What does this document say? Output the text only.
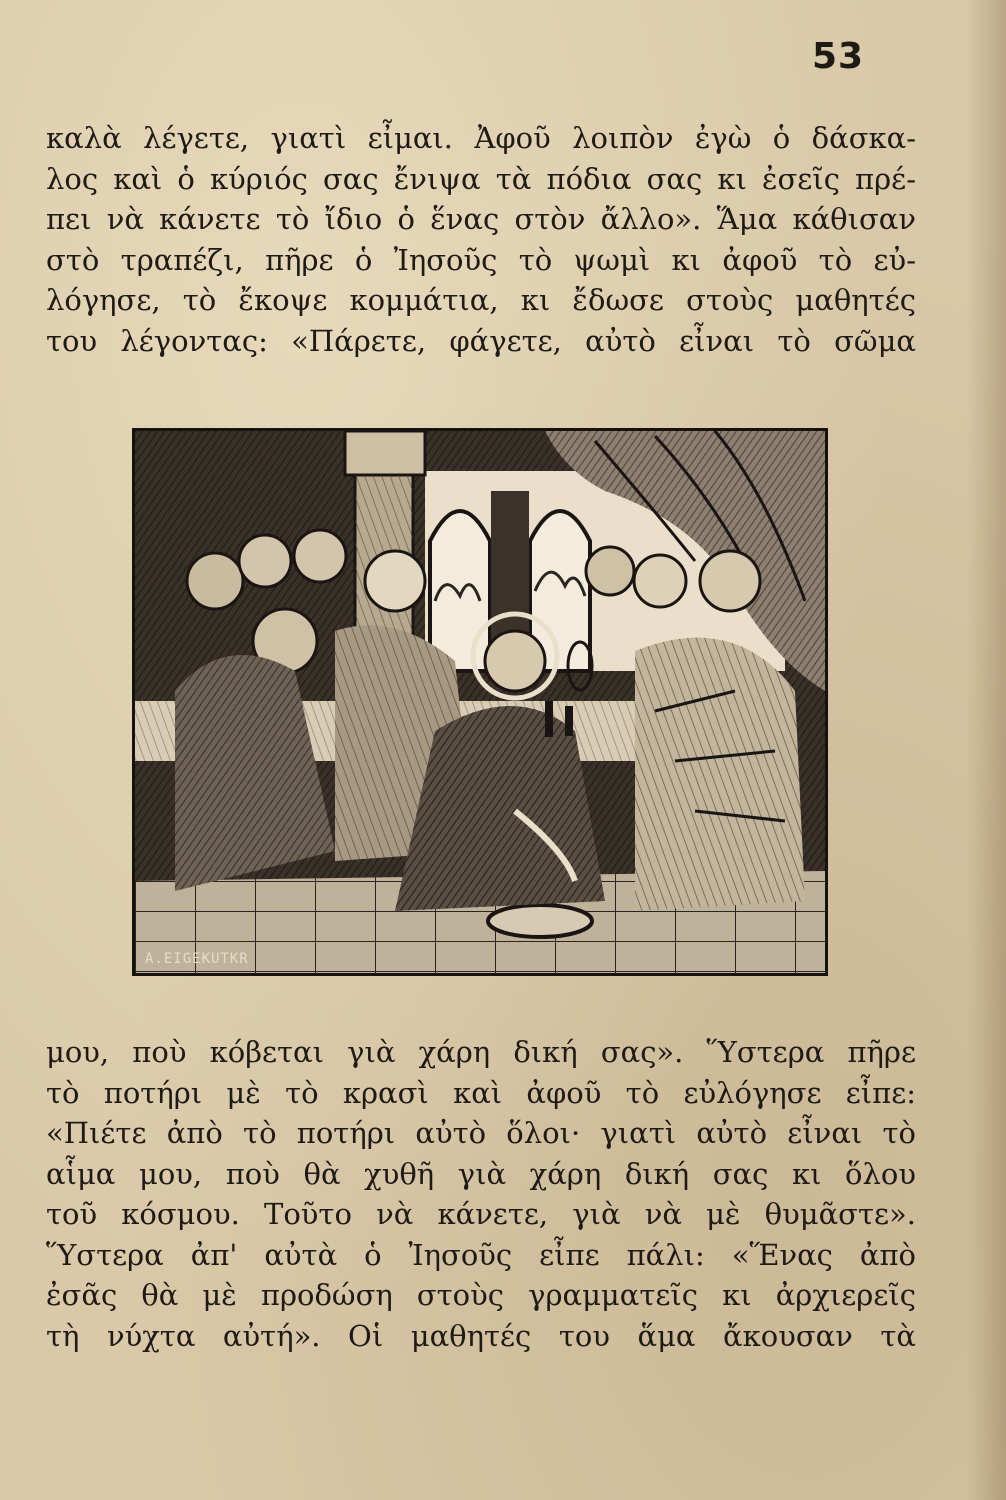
53
καλὰ λέγετε, γιατὶ εἶμαι. Ἀφοῦ λοιπὸν ἐγὼ ὁ δάσκα-
λος καὶ ὁ κύριός σας ἔνιψα τὰ πόδια σας κι ἐσεῖς πρέ-
πει νὰ κάνετε τὸ ἴδιο ὁ ἕνας στὸν ἄλλο». Ἅμα κάθισαν
στὸ τραπέζι, πῆρε ὁ Ἰησοῦς τὸ ψωμὶ κι ἀφοῦ τὸ εὐ-
λόγησε, τὸ ἔκοψε κομμάτια, κι ἔδωσε στοὺς μαθητές
του λέγοντας: «Πάρετε, φάγετε, αὐτὸ εἶναι τὸ σῶμα
A.EIGEKUTKR
μου, ποὺ κόβεται γιὰ χάρη δική σας». Ὕστερα πῆρε
τὸ ποτήρι μὲ τὸ κρασὶ καὶ ἀφοῦ τὸ εὐλόγησε εἶπε:
«Πιέτε ἀπὸ τὸ ποτήρι αὐτὸ ὅλοι· γιατὶ αὐτὸ εἶναι τὸ
αἷμα μου, ποὺ θὰ χυθῆ γιὰ χάρη δική σας κι ὅλου
τοῦ κόσμου. Τοῦτο νὰ κάνετε, γιὰ νὰ μὲ θυμᾶστε».
Ὕστερα ἀπ' αὐτὰ ὁ Ἰησοῦς εἶπε πάλι: «Ἕνας ἀπὸ
ἐσᾶς θὰ μὲ προδώση στοὺς γραμματεῖς κι ἀρχιερεῖς
τὴ νύχτα αὐτή». Οἱ μαθητές του ἅμα ἄκουσαν τὰ
